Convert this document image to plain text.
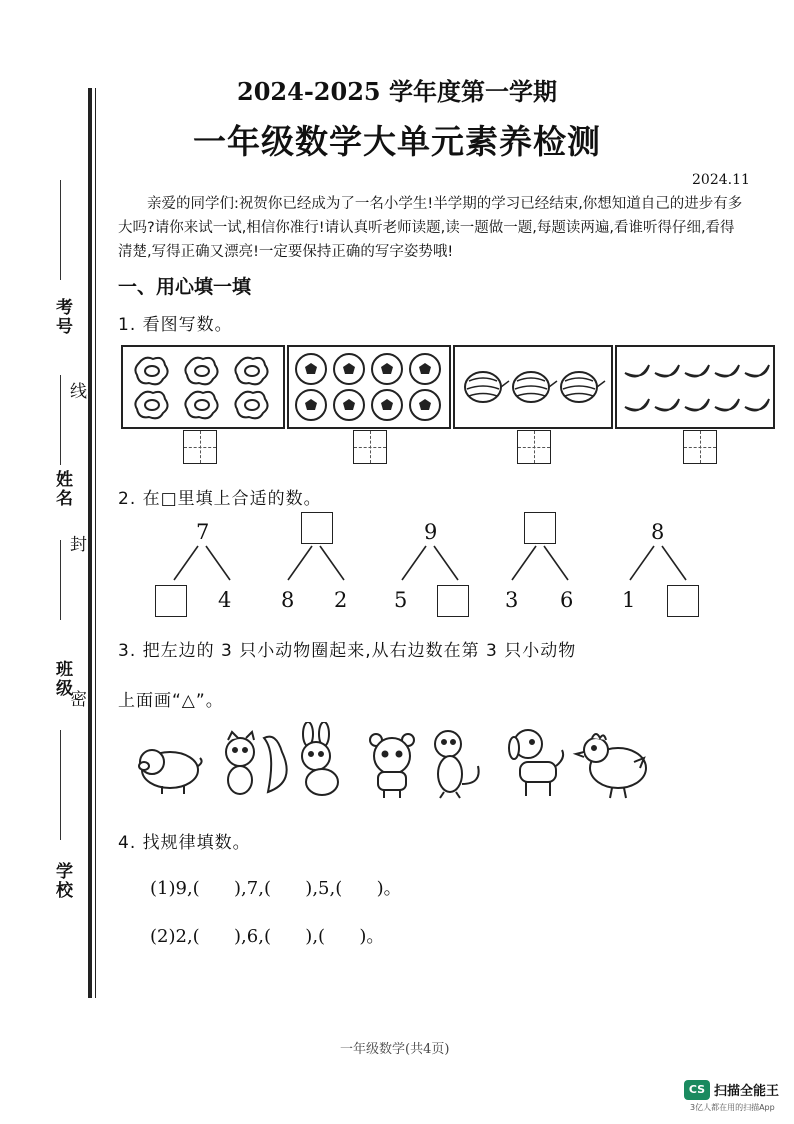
考号
线
姓名
封
班级
密
学校
2024-2025 学年度第一学期
一年级数学大单元素养检测
2024.11
亲爱的同学们:祝贺你已经成为了一名小学生!半学期的学习已经结束,你想知道自己的进步有多大吗?请你来试一试,相信你准行!请认真听老师读题,读一题做一题,每题读两遍,看谁听得仔细,看得清楚,写得正确又漂亮!一定要保持正确的写字姿势哦!
一、用心填一填
1. 看图写数。
2. 在□里填上合适的数。
7
4 8 2
9
5	3 6
8
1
3. 把左边的 3 只小动物圈起来,从右边数在第 3 只小动物
上面画“△”。
4. 找规律填数。
(1)9,(      ),7,(      ),5,(      )。
(2)2,(      ),6,(      ),(      )。
一年级数学(共4页)
CS 扫描全能王
3亿人都在用的扫描App
